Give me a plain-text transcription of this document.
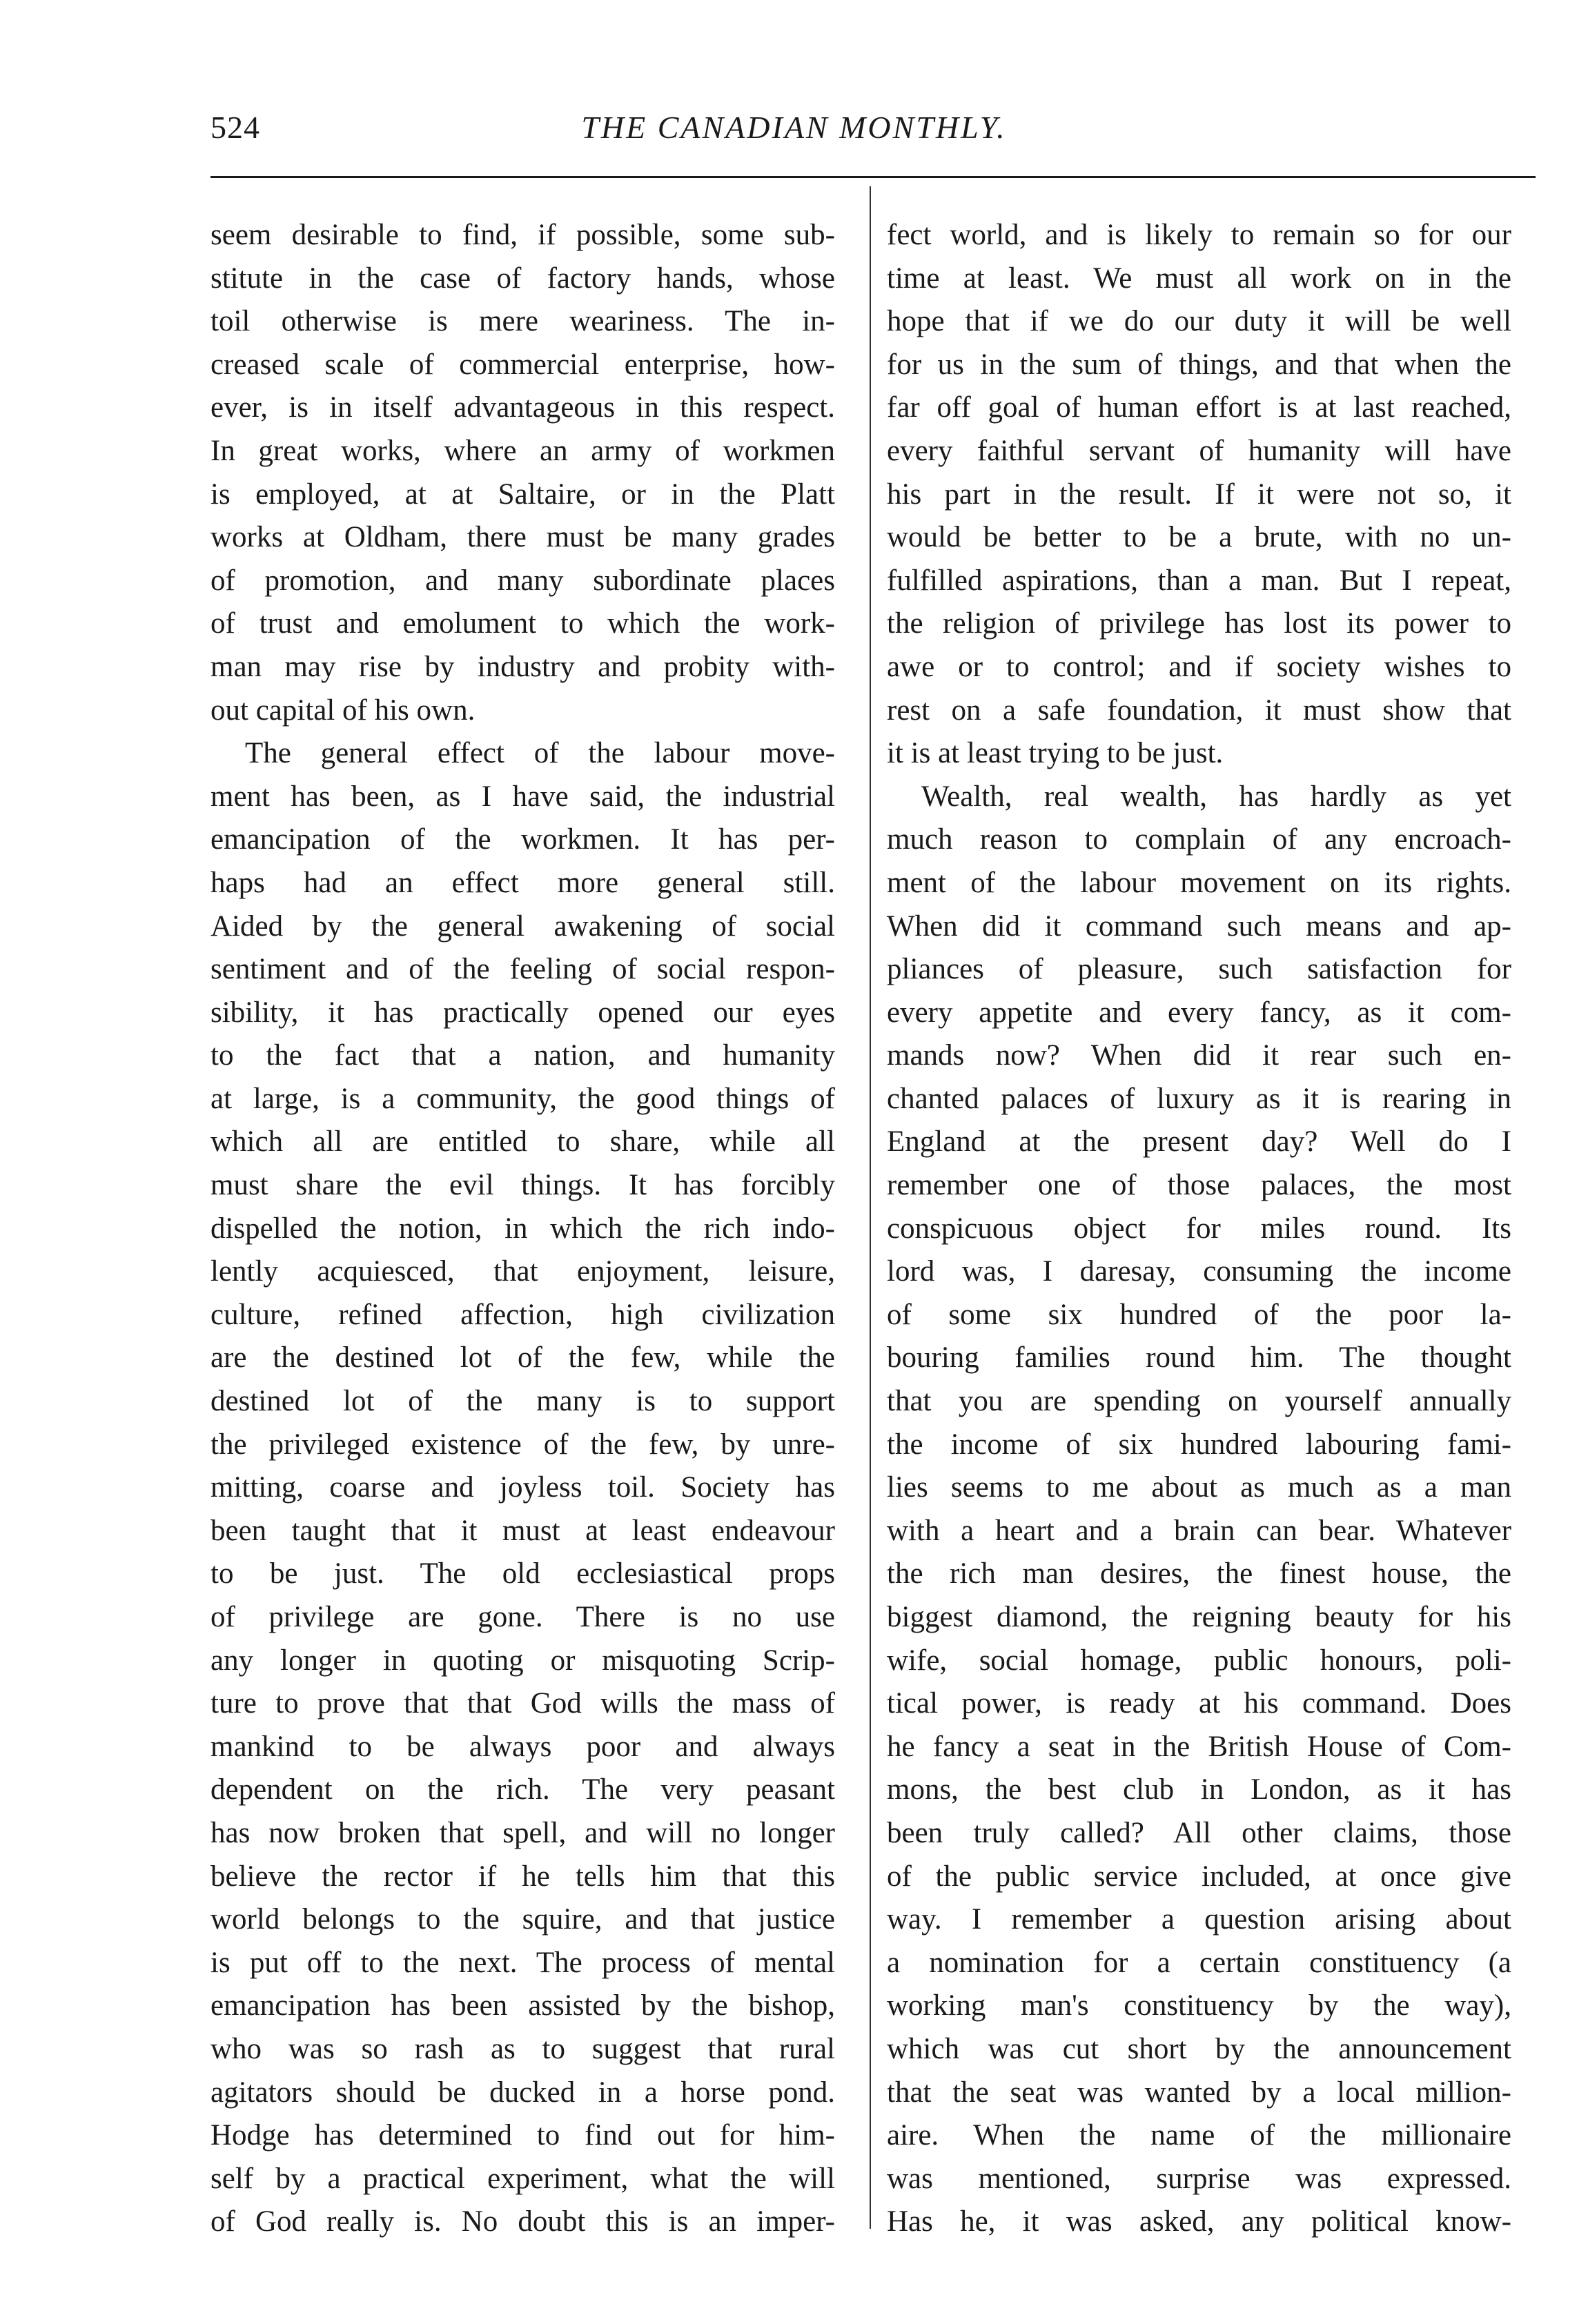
524	THE CANADIAN MONTHLY.
seem desirable to find, if possible, some sub-
stitute in the case of factory hands, whose
toil otherwise is mere weariness. The in-
creased scale of commercial enterprise, how-
ever, is in itself advantageous in this respect.
In great works, where an army of workmen
is employed, at at Saltaire, or in the Platt
works at Oldham, there must be many grades
of promotion, and many subordinate places
of trust and emolument to which the work-
man may rise by industry and probity with-
out capital of his own.
The general effect of the labour move-
ment has been, as I have said, the industrial
emancipation of the workmen. It has per-
haps had an effect more general still.
Aided by the general awakening of social
sentiment and of the feeling of social respon-
sibility, it has practically opened our eyes
to the fact that a nation, and humanity
at large, is a community, the good things of
which all are entitled to share, while all
must share the evil things. It has forcibly
dispelled the notion, in which the rich indo-
lently acquiesced, that enjoyment, leisure,
culture, refined affection, high civilization
are the destined lot of the few, while the
destined lot of the many is to support
the privileged existence of the few, by unre-
mitting, coarse and joyless toil. Society has
been taught that it must at least endeavour
to be just. The old ecclesiastical props
of privilege are gone. There is no use
any longer in quoting or misquoting Scrip-
ture to prove that that God wills the mass of
mankind to be always poor and always
dependent on the rich. The very peasant
has now broken that spell, and will no longer
believe the rector if he tells him that this
world belongs to the squire, and that justice
is put off to the next. The process of mental
emancipation has been assisted by the bishop,
who was so rash as to suggest that rural
agitators should be ducked in a horse pond.
Hodge has determined to find out for him-
self by a practical experiment, what the will
of God really is. No doubt this is an imper-
fect world, and is likely to remain so for our
time at least. We must all work on in the
hope that if we do our duty it will be well
for us in the sum of things, and that when the
far off goal of human effort is at last reached,
every faithful servant of humanity will have
his part in the result. If it were not so, it
would be better to be a brute, with no un-
fulfilled aspirations, than a man. But I repeat,
the religion of privilege has lost its power to
awe or to control; and if society wishes to
rest on a safe foundation, it must show that
it is at least trying to be just.
Wealth, real wealth, has hardly as yet
much reason to complain of any encroach-
ment of the labour movement on its rights.
When did it command such means and ap-
pliances of pleasure, such satisfaction for
every appetite and every fancy, as it com-
mands now? When did it rear such en-
chanted palaces of luxury as it is rearing in
England at the present day? Well do I
remember one of those palaces, the most
conspicuous object for miles round. Its
lord was, I daresay, consuming the income
of some six hundred of the poor la-
bouring families round him. The thought
that you are spending on yourself annually
the income of six hundred labouring fami-
lies seems to me about as much as a man
with a heart and a brain can bear. Whatever
the rich man desires, the finest house, the
biggest diamond, the reigning beauty for his
wife, social homage, public honours, poli-
tical power, is ready at his command. Does
he fancy a seat in the British House of Com-
mons, the best club in London, as it has
been truly called? All other claims, those
of the public service included, at once give
way. I remember a question arising about
a nomination for a certain constituency (a
working man's constituency by the way),
which was cut short by the announcement
that the seat was wanted by a local million-
aire. When the name of the millionaire
was mentioned, surprise was expressed.
Has he, it was asked, any political know-
